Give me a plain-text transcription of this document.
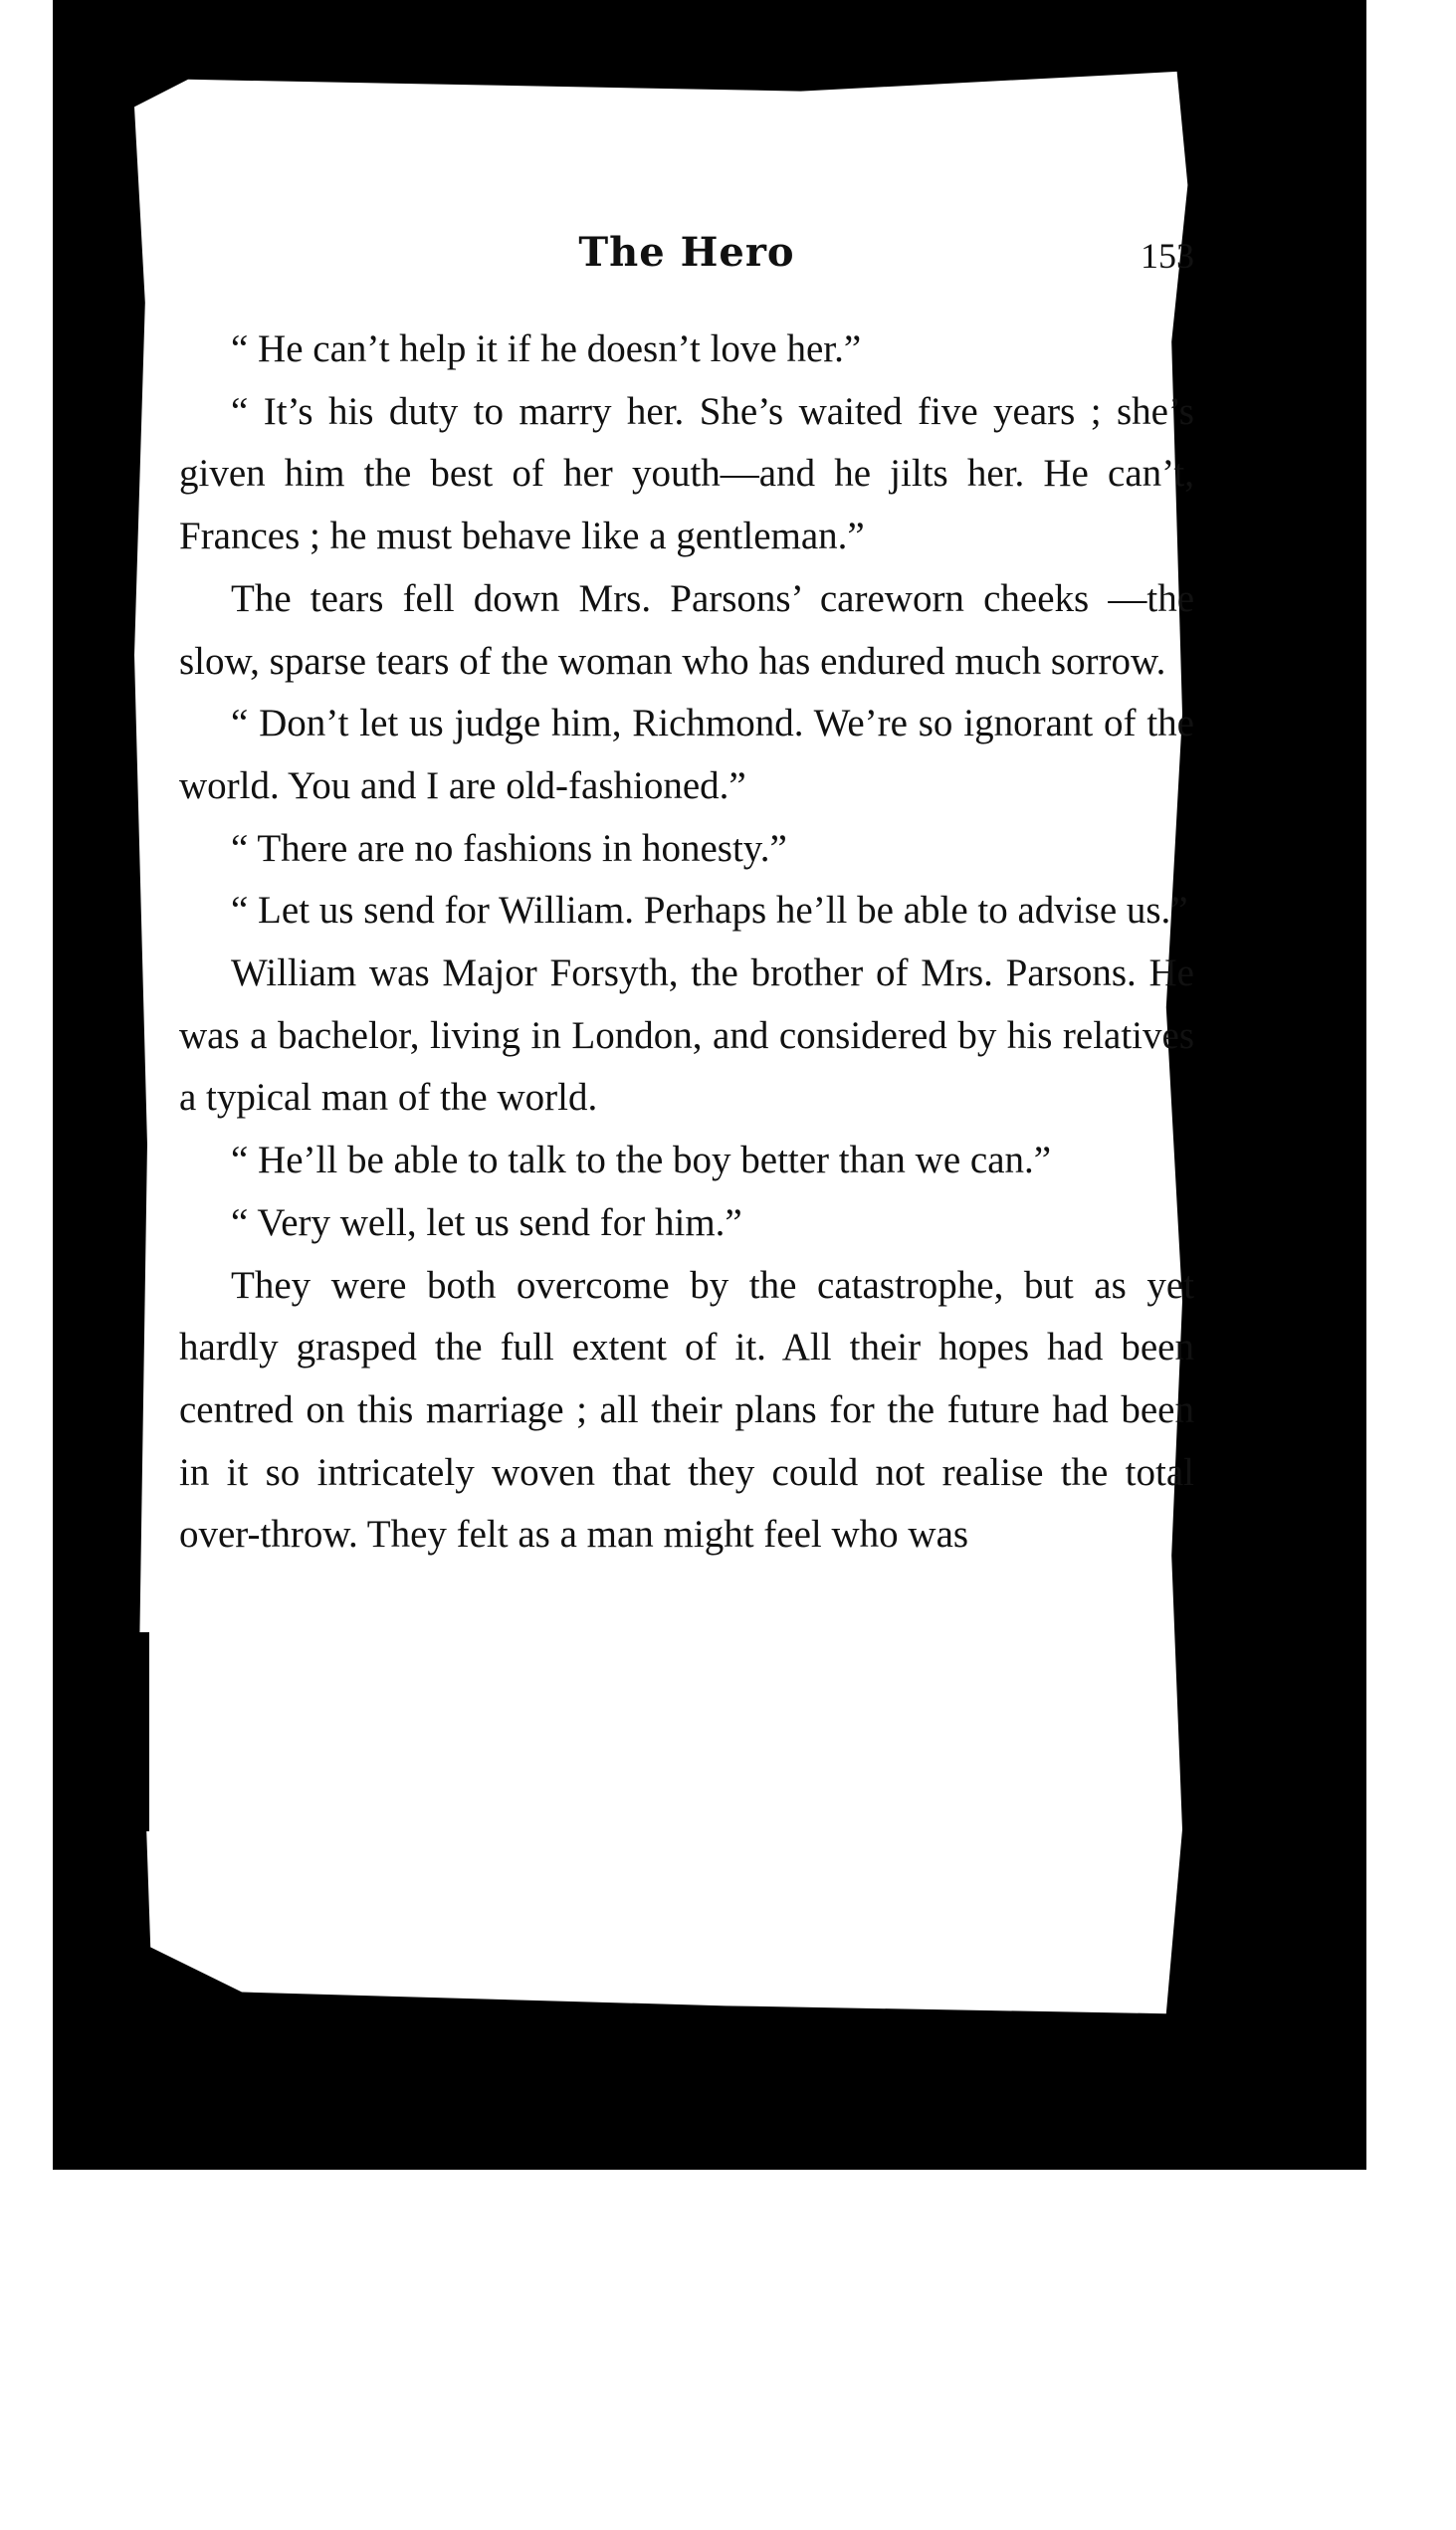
The Hero	153

“ He can’t help it if he doesn’t love her.”

“ It’s his duty to marry her. She’s waited five years ; she’s given him the best of her youth—and he jilts her. He can’t, Frances ; he must behave like a gentleman.”

The tears fell down Mrs. Parsons’ careworn cheeks —the slow, sparse tears of the woman who has endured much sorrow.

“ Don’t let us judge him, Richmond. We’re so ignorant of the world. You and I are old-fashioned.”

“ There are no fashions in honesty.”

“ Let us send for William. Perhaps he’ll be able to advise us.”

William was Major Forsyth, the brother of Mrs. Parsons. He was a bachelor, living in London, and considered by his relatives a typical man of the world.

“ He’ll be able to talk to the boy better than we can.”

“ Very well, let us send for him.”

They were both overcome by the catastrophe, but as yet hardly grasped the full extent of it. All their hopes had been centred on this marriage ; all their plans for the future had been in it so intricately woven that they could not realise the total over-throw. They felt as a man might feel who was
